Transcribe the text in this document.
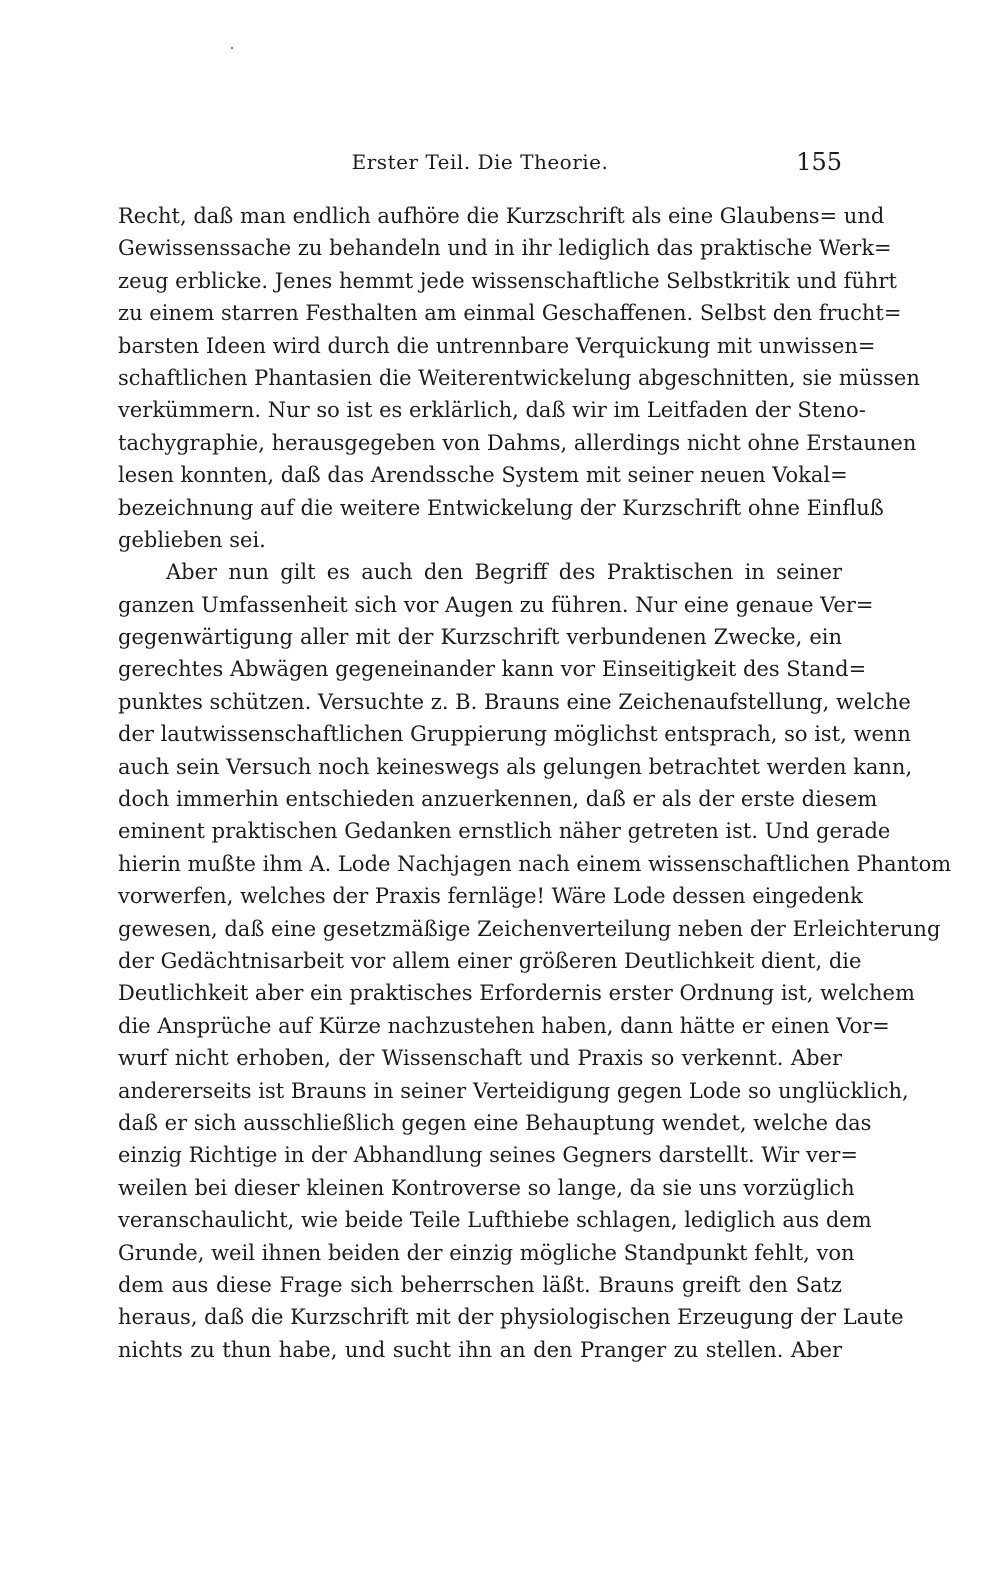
Erster Teil. Die Theorie.	155
Recht, daß man endlich aufhöre die Kurzschrift als eine Glaubens= und
Gewissenssache zu behandeln und in ihr lediglich das praktische Werk=
zeug erblicke. Jenes hemmt jede wissenschaftliche Selbstkritik und führt
zu einem starren Festhalten am einmal Geschaffenen. Selbst den frucht=
barsten Ideen wird durch die untrennbare Verquickung mit unwissen=
schaftlichen Phantasien die Weiterentwickelung abgeschnitten, sie müssen
verkümmern. Nur so ist es erklärlich, daß wir im Leitfaden der Steno-
tachygraphie, herausgegeben von Dahms, allerdings nicht ohne Erstaunen
lesen konnten, daß das Arendssche System mit seiner neuen Vokal=
bezeichnung auf die weitere Entwickelung der Kurzschrift ohne Einfluß
geblieben sei.
Aber nun gilt es auch den Begriff des Praktischen in seiner
ganzen Umfassenheit sich vor Augen zu führen. Nur eine genaue Ver=
gegenwärtigung aller mit der Kurzschrift verbundenen Zwecke, ein
gerechtes Abwägen gegeneinander kann vor Einseitigkeit des Stand=
punktes schützen. Versuchte z. B. Brauns eine Zeichenaufstellung, welche
der lautwissenschaftlichen Gruppierung möglichst entsprach, so ist, wenn
auch sein Versuch noch keineswegs als gelungen betrachtet werden kann,
doch immerhin entschieden anzuerkennen, daß er als der erste diesem
eminent praktischen Gedanken ernstlich näher getreten ist. Und gerade
hierin mußte ihm A. Lode Nachjagen nach einem wissenschaftlichen Phantom
vorwerfen, welches der Praxis fernläge! Wäre Lode dessen eingedenk
gewesen, daß eine gesetzmäßige Zeichenverteilung neben der Erleichterung
der Gedächtnisarbeit vor allem einer größeren Deutlichkeit dient, die
Deutlichkeit aber ein praktisches Erfordernis erster Ordnung ist, welchem
die Ansprüche auf Kürze nachzustehen haben, dann hätte er einen Vor=
wurf nicht erhoben, der Wissenschaft und Praxis so verkennt. Aber
andererseits ist Brauns in seiner Verteidigung gegen Lode so unglücklich,
daß er sich ausschließlich gegen eine Behauptung wendet, welche das
einzig Richtige in der Abhandlung seines Gegners darstellt. Wir ver=
weilen bei dieser kleinen Kontroverse so lange, da sie uns vorzüglich
veranschaulicht, wie beide Teile Lufthiebe schlagen, lediglich aus dem
Grunde, weil ihnen beiden der einzig mögliche Standpunkt fehlt, von
dem aus diese Frage sich beherrschen läßt. Brauns greift den Satz
heraus, daß die Kurzschrift mit der physiologischen Erzeugung der Laute
nichts zu thun habe, und sucht ihn an den Pranger zu stellen. Aber
